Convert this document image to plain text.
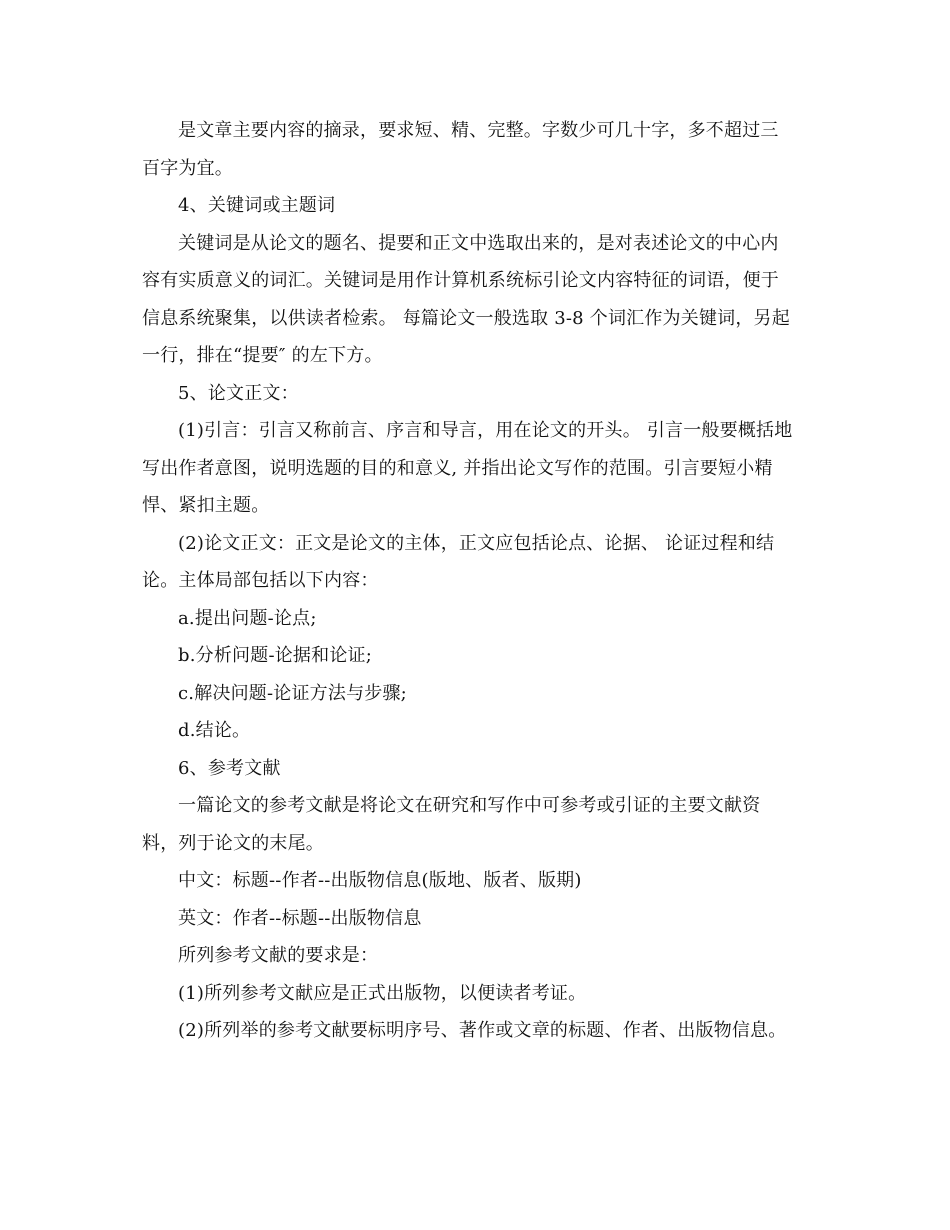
是文章主要内容的摘录，要求短、精、完整。字数少可几十字，多不超过三
百字为宜。
4、关键词或主题词
关键词是从论文的题名、提要和正文中选取出来的，是对表述论文的中心内
容有实质意义的词汇。关键词是用作计算机系统标引论文内容特征的词语，便于
信息系统聚集，以供读者检索。 每篇论文一般选取 3-8 个词汇作为关键词，另起
一行，排在“提要″ 的左下方。
5、论文正文：
(1)引言：引言又称前言、序言和导言，用在论文的开头。 引言一般要概括地
写出作者意图，说明选题的目的和意义, 并指出论文写作的范围。引言要短小精
悍、紧扣主题。
(2)论文正文：正文是论文的主体，正文应包括论点、论据、 论证过程和结
论。主体局部包括以下内容：
a.提出问题-论点;
b.分析问题-论据和论证;
c.解决问题-论证方法与步骤;
d.结论。
6、参考文献
一篇论文的参考文献是将论文在研究和写作中可参考或引证的主要文献资
料，列于论文的末尾。
中文：标题--作者--出版物信息(版地、版者、版期)
英文：作者--标题--出版物信息
所列参考文献的要求是：
(1)所列参考文献应是正式出版物，以便读者考证。
(2)所列举的参考文献要标明序号、著作或文章的标题、作者、出版物信息。
